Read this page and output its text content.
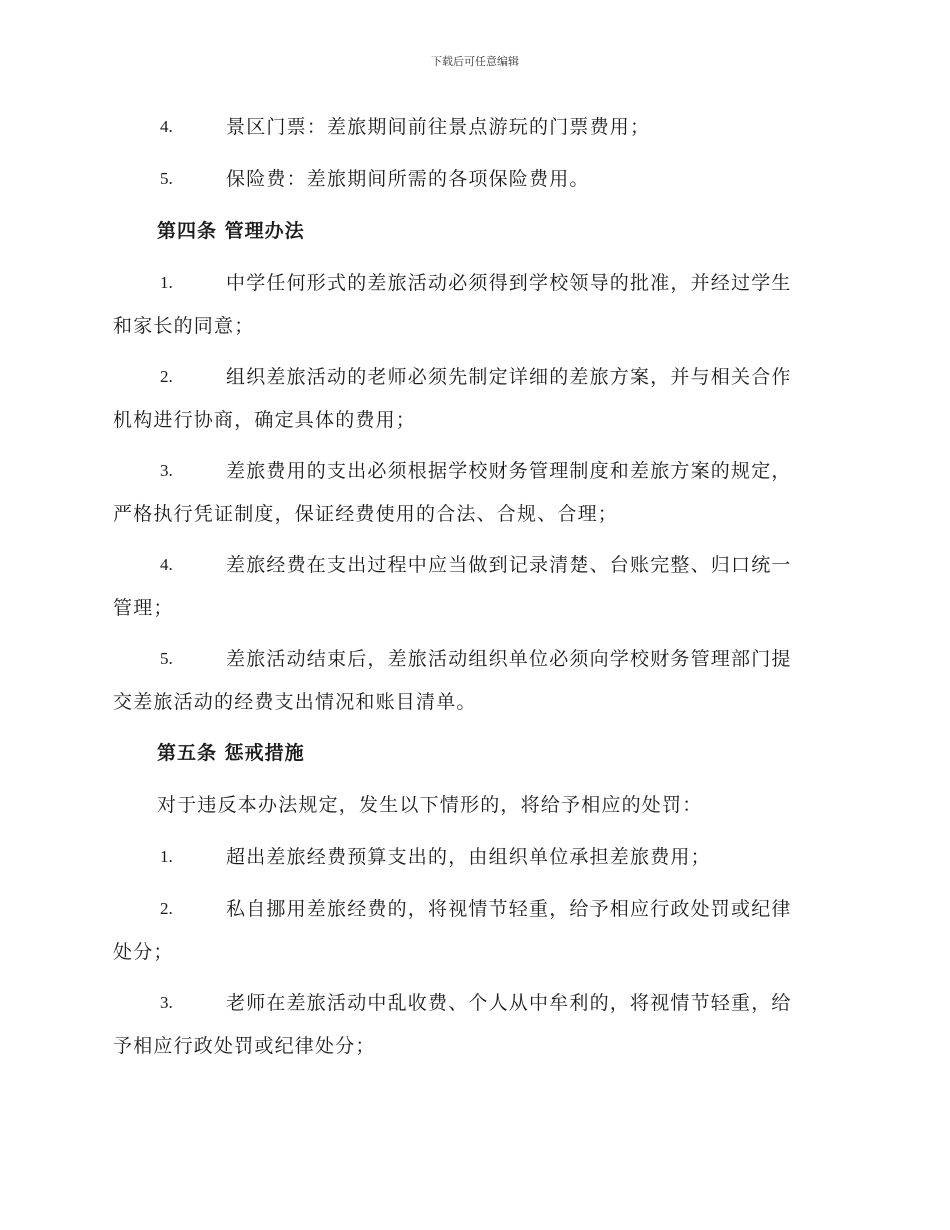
下载后可任意编辑
4.	景区门票：差旅期间前往景点游玩的门票费用；
5.	保险费：差旅期间所需的各项保险费用。
第四条 管理办法
1.	中学任何形式的差旅活动必须得到学校领导的批准，并经过学生
和家长的同意；
2.	组织差旅活动的老师必须先制定详细的差旅方案，并与相关合作
机构进行协商，确定具体的费用；
3.	差旅费用的支出必须根据学校财务管理制度和差旅方案的规定，
严格执行凭证制度，保证经费使用的合法、合规、合理；
4.	差旅经费在支出过程中应当做到记录清楚、台账完整、归口统一
管理；
5.	差旅活动结束后，差旅活动组织单位必须向学校财务管理部门提
交差旅活动的经费支出情况和账目清单。
第五条 惩戒措施
对于违反本办法规定，发生以下情形的，将给予相应的处罚：
1.	超出差旅经费预算支出的，由组织单位承担差旅费用；
2.	私自挪用差旅经费的，将视情节轻重，给予相应行政处罚或纪律
处分；
3.	老师在差旅活动中乱收费、个人从中牟利的，将视情节轻重，给
予相应行政处罚或纪律处分；
